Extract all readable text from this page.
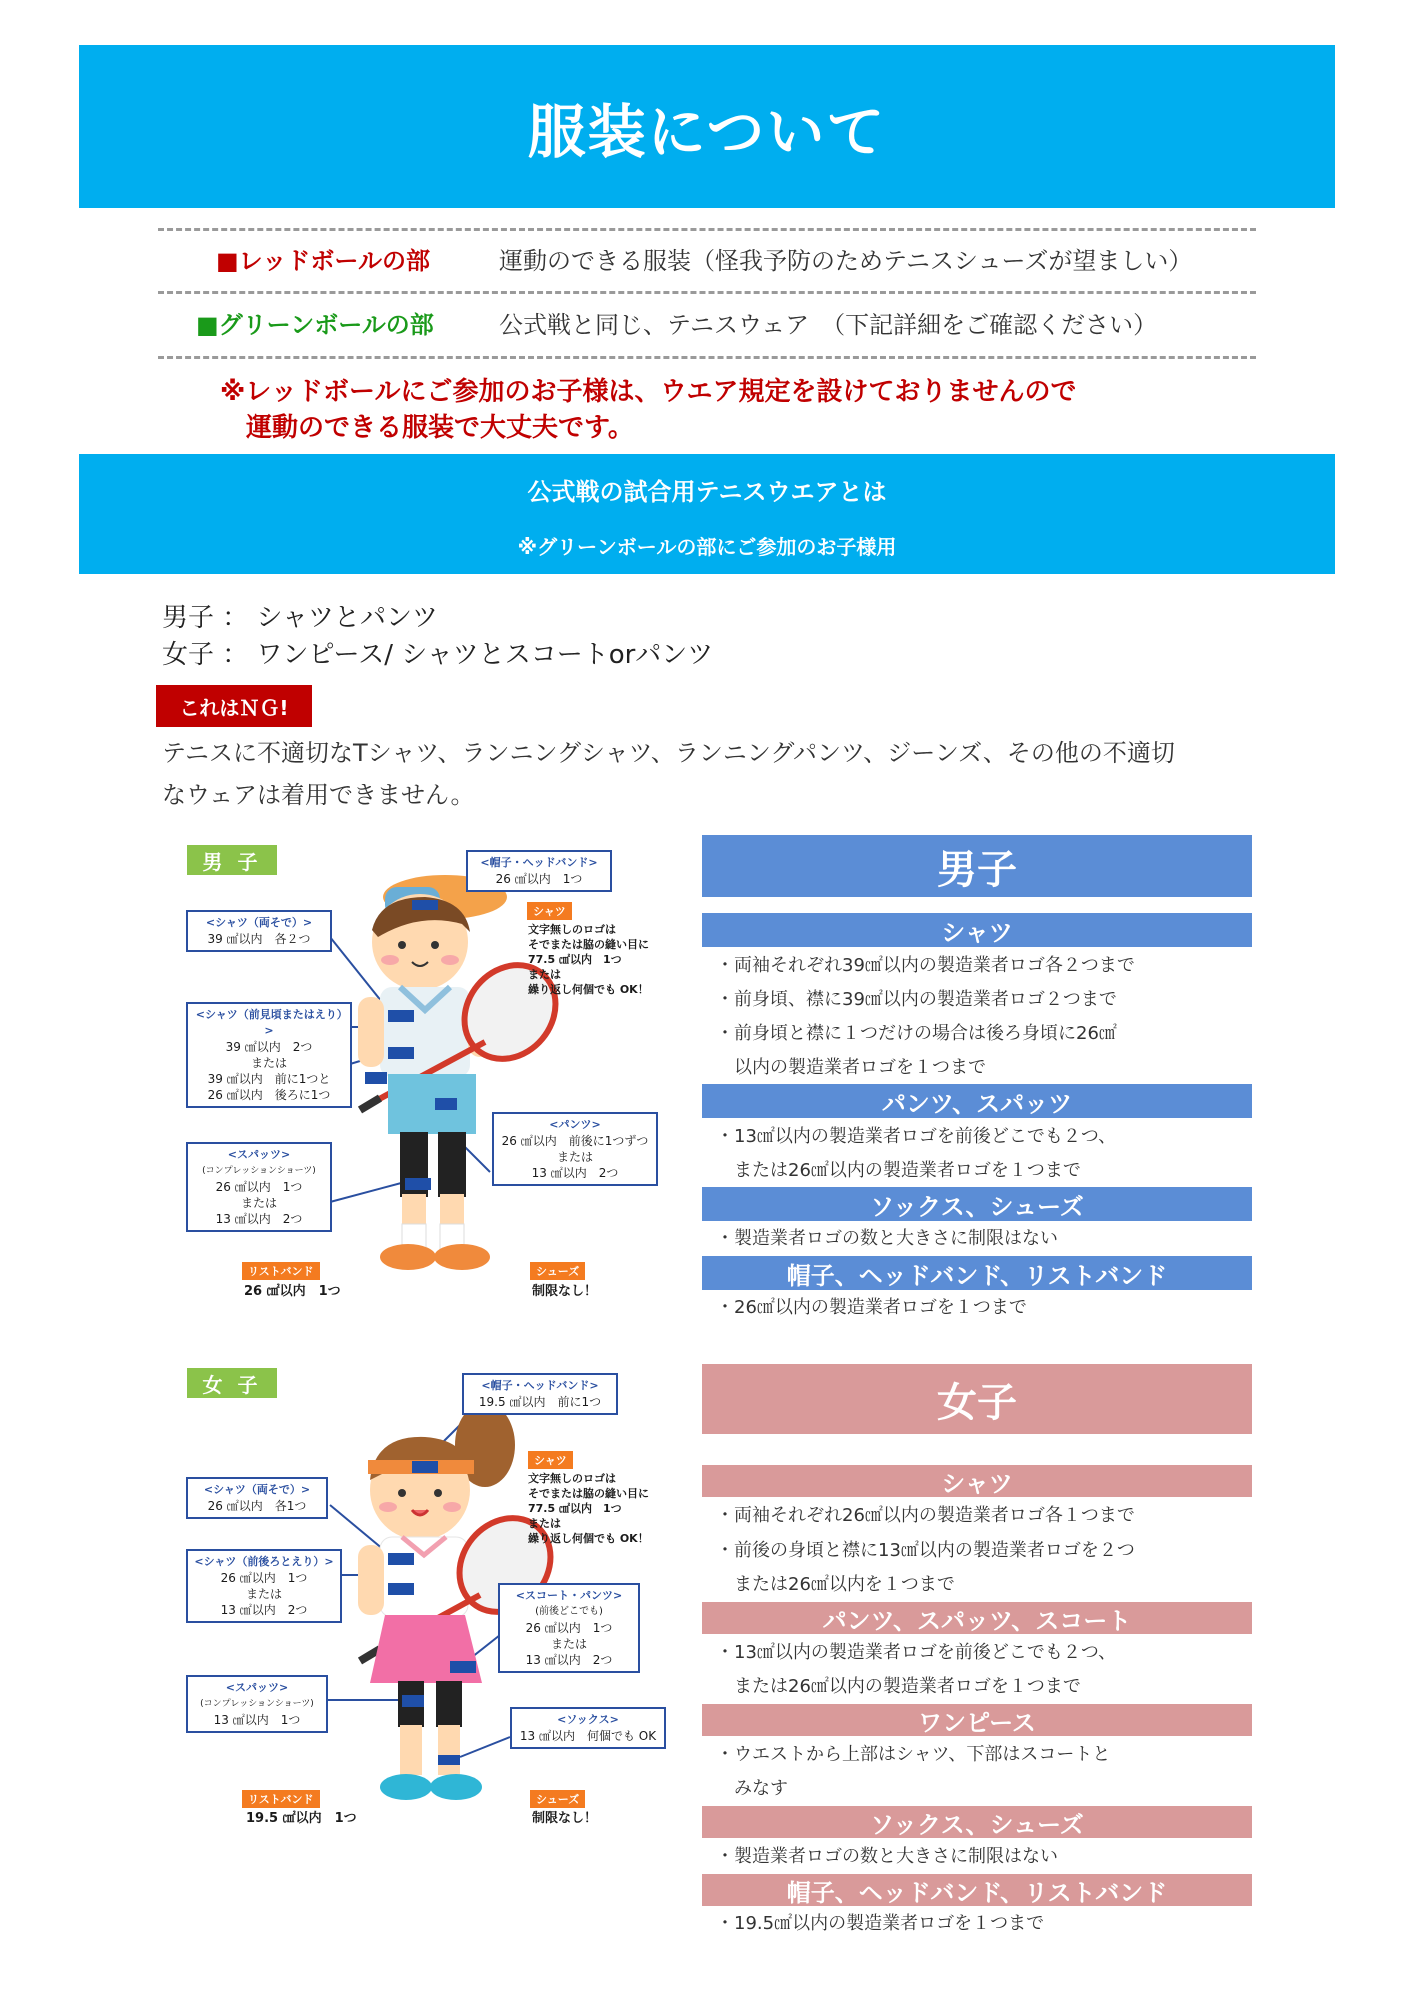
服装について
■レッドボールの部	運動のできる服装（怪我予防のためテニスシューズが望ましい）
■グリーンボールの部	公式戦と同じ、テニスウェア　（下記詳細をご確認ください）
※レッドボールにご参加のお子様は、ウエア規定を設けておりませんので
運動のできる服装で大丈夫です。
公式戦の試合用テニスウエアとは
※グリーンボールの部にご参加のお子様用
男子 ： シャツとパンツ
女子 ： ワンピース/ シャツとスコートorパンツ
これはＮＧ!
テニスに不適切なTシャツ、ランニングシャツ、ランニングパンツ、ジーンズ、その他の不適切
なウェアは着用できません。
男 子	<帽子・ヘッドバンド>
26 ㎠以内　1つ
<シャツ（両そで）>
39 ㎠以内　各２つ
<シャツ（前見頃またはえり）>
39 ㎠以内　2つ
または
39 ㎠以内　前に1つと
26 ㎠以内　後ろに1つ
<スパッツ>
(コンプレッションショーツ)
26 ㎠以内　1つ
または
13 ㎠以内　2つ
<パンツ>
26 ㎠以内　前後に1つずつ
または
13 ㎠以内　2つ
シャツ
文字無しのロゴは
そでまたは脇の縫い目に
77.5 ㎠以内　1つ
または
繰り返し何個でも OK！
リストバンド
26 ㎠以内　1つ
シューズ
制限なし！
男子
シャツ
・両袖それぞれ39㎠以内の製造業者ロゴ各２つまで
・前身頃、襟に39㎠以内の製造業者ロゴ２つまで
・前身頃と襟に１つだけの場合は後ろ身頃に26㎠
　以内の製造業者ロゴを１つまで
パンツ、スパッツ
・13㎠以内の製造業者ロゴを前後どこでも２つ、
　または26㎠以内の製造業者ロゴを１つまで
ソックス、シューズ
・製造業者ロゴの数と大きさに制限はない
帽子、ヘッドバンド、リストバンド
・26㎠以内の製造業者ロゴを１つまで
女 子	<帽子・ヘッドバンド>
19.5 ㎠以内　前に1つ
<シャツ（両そで）>
26 ㎠以内　各1つ
<シャツ（前後ろとえり）>
26 ㎠以内　1つ
または
13 ㎠以内　2つ
<スコート・パンツ>
(前後どこでも)
26 ㎠以内　1つ
または
13 ㎠以内　2つ
<スパッツ>
(コンプレッションショーツ)
13 ㎠以内　1つ	<ソックス>
13 ㎠以内　何個でも OK
シャツ
文字無しのロゴは
そでまたは脇の縫い目に
77.5 ㎠以内　1つ
または
繰り返し何個でも OK！
リストバンド
19.5 ㎠以内　1つ
シューズ
制限なし！
女子
シャツ
・両袖それぞれ26㎠以内の製造業者ロゴ各１つまで
・前後の身頃と襟に13㎠以内の製造業者ロゴを２つ
　または26㎠以内を１つまで
パンツ、スパッツ、スコート
・13㎠以内の製造業者ロゴを前後どこでも２つ、
　または26㎠以内の製造業者ロゴを１つまで
ワンピース
・ウエストから上部はシャツ、下部はスコートと
　みなす
ソックス、シューズ
・製造業者ロゴの数と大きさに制限はない
帽子、ヘッドバンド、リストバンド
・19.5㎠以内の製造業者ロゴを１つまで
